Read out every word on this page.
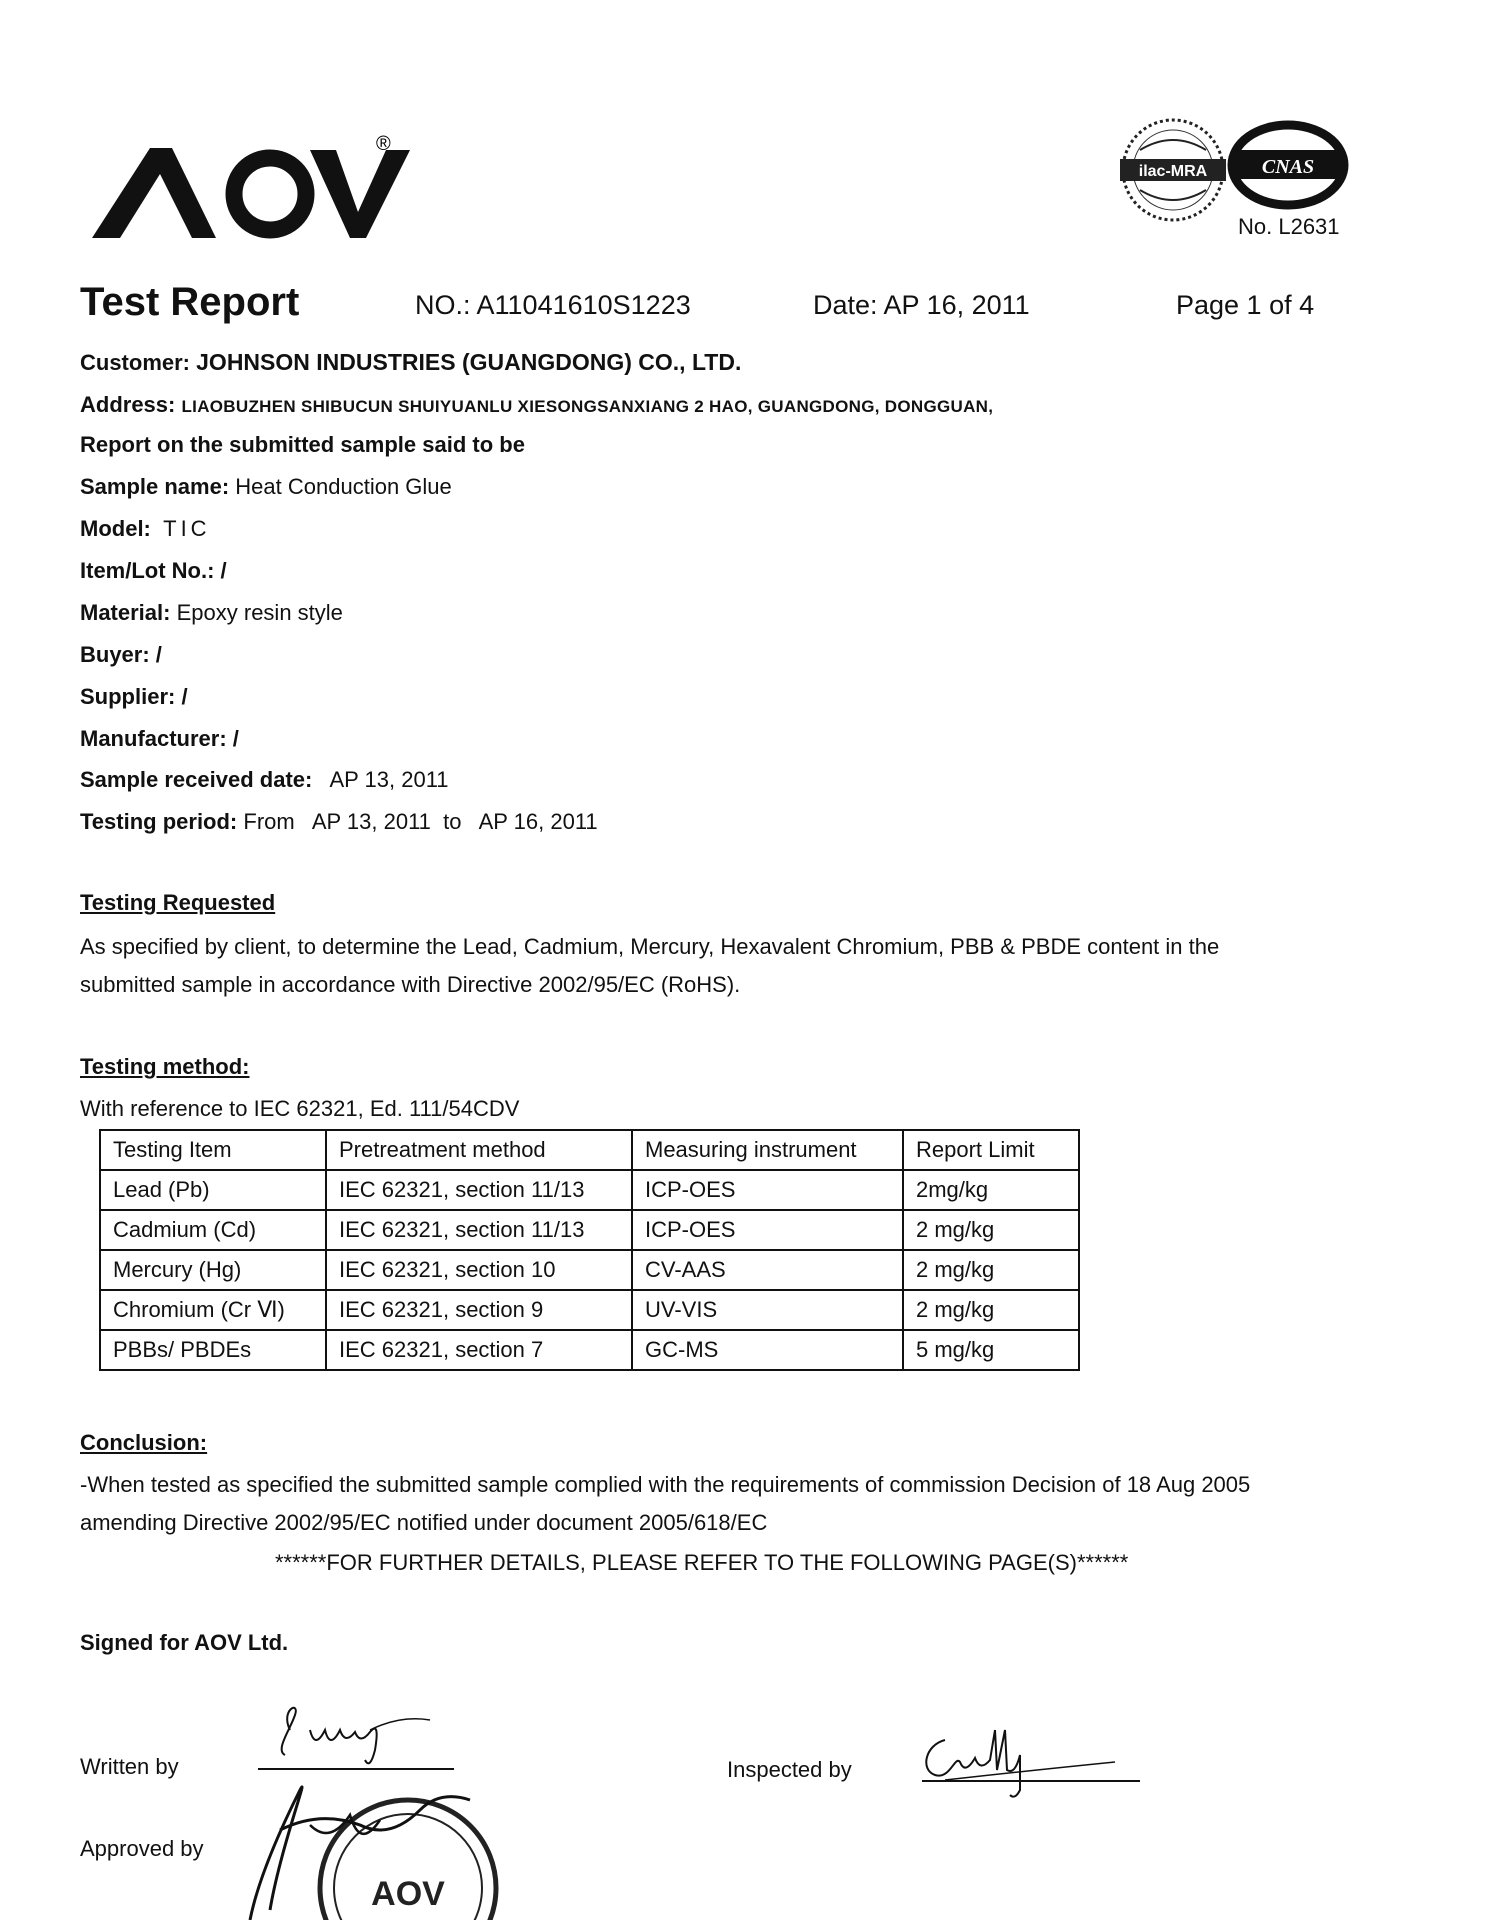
®
ilac-MRA	CNAS
No. L2631
Test Report	NO.: A11041610S1223	Date: AP 16, 2011	Page 1 of 4
Customer: JOHNSON INDUSTRIES (GUANGDONG) CO., LTD.
Address: LIAOBUZHEN SHIBUCUN SHUIYUANLU XIESONGSANXIANG 2 HAO, GUANGDONG, DONGGUAN,
Report on the submitted sample said to be
Sample name: Heat Conduction Glue
Model: TIC
Item/Lot No.: /
Material: Epoxy resin style
Buyer: /
Supplier: /
Manufacturer: /
Sample received date: AP 13, 2011
Testing period: From   AP 13, 2011  to   AP 16, 2011
Testing Requested
As specified by client, to determine the Lead, Cadmium, Mercury, Hexavalent Chromium, PBB & PBDE content in the
submitted sample in accordance with Directive 2002/95/EC (RoHS).
Testing method:
With reference to IEC 62321, Ed. 111/54CDV
Testing Item	Pretreatment method	Measuring instrument	Report Limit
Lead (Pb)	IEC 62321, section 11/13	ICP-OES	2mg/kg
Cadmium (Cd)	IEC 62321, section 11/13	ICP-OES	2 mg/kg
Mercury (Hg)	IEC 62321, section 10	CV-AAS	2 mg/kg
Chromium (Cr Ⅵ)	IEC 62321, section 9	UV-VIS	2 mg/kg
PBBs/ PBDEs	IEC 62321, section 7	GC-MS	5 mg/kg
Conclusion:
-When tested as specified the submitted sample complied with the requirements of commission Decision of 18 Aug 2005
amending Directive 2002/95/EC notified under document 2005/618/EC
******FOR FURTHER DETAILS, PLEASE REFER TO THE FOLLOWING PAGE(S)******
Signed for AOV Ltd.
Written by
Approved by
AOV
Inspected by
